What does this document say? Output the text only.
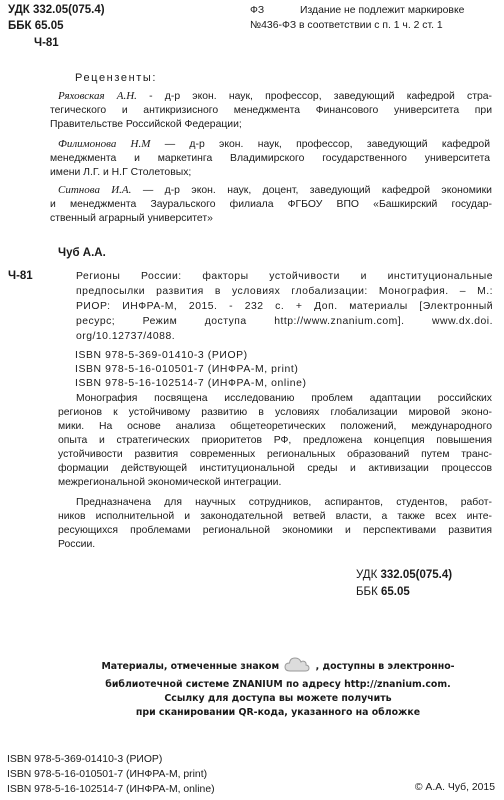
УДК 332.05(075.4)
ББК 65.05
Ч-81
ФЗ	Издание не подлежит маркировке
№436-ФЗ в соответствии с п. 1 ч. 2 ст. 1
Рецензенты:
Ряховская А.Н. - д-р экон. наук, профессор, заведующий кафедрой стра-
тегического и антикризисного менеджмента Финансового университета при
Правительстве Российской Федерации;
Филимонова Н.М — д-р экон. наук, профессор, заведующий кафедрой
менеджмента и маркетинга Владимирского государственного университета
имени Л.Г. и Н.Г Столетовых;
Ситнова И.А. — д-р экон. наук, доцент, заведующий кафедрой экономики
и менеджмента Зауральского филиала ФГБОУ ВПО «Башкирский государ-
ственный аграрный университет»
Чуб А.А.
Ч-81	Регионы России: факторы устойчивости и институциональные
предпосылки развития в условиях глобализации: Монография. – М.:
РИОР: ИНФРА-М, 2015. - 232 с. + Доп. материалы [Электронный
ресурс; Режим доступа http://www.znanium.com]. www.dx.doi.
org/10.12737/4088.
ISBN 978-5-369-01410-3 (РИОР)
ISBN 978-5-16-010501-7 (ИНФРА-М, print)
ISBN 978-5-16-102514-7 (ИНФРА-М, online)
Монография посвящена исследованию проблем адаптации российских
регионов к устойчивому развитию в условиях глобализации мировой эконо-
мики. На основе анализа общетеоретических положений, международного
опыта и стратегических приоритетов РФ, предложена концепция повышения
устойчивости развития современных региональных образований путем транс-
формации действующей институциональной среды и активизации процессов
межрегиональной экономической интеграции.
Предназначена для научных сотрудников, аспирантов, студентов, работ-
ников исполнительной и законодательной ветвей власти, а также всех инте-
ресующихся проблемами региональной экономики и перспективами развития
России.
УДК 332.05(075.4)
ББК 65.05
Материалы, отмеченные знаком	, доступны в электронно-
библиотечной системе ZNANIUM по адресу http://znanium.com.
Ссылку для доступа вы можете получить
при сканировании QR-кода, указанного на обложке
ISBN 978-5-369-01410-3 (РИОР)
ISBN 978-5-16-010501-7 (ИНФРА-М, print)
ISBN 978-5-16-102514-7 (ИНФРА-М, online)	© А.А. Чуб, 2015
